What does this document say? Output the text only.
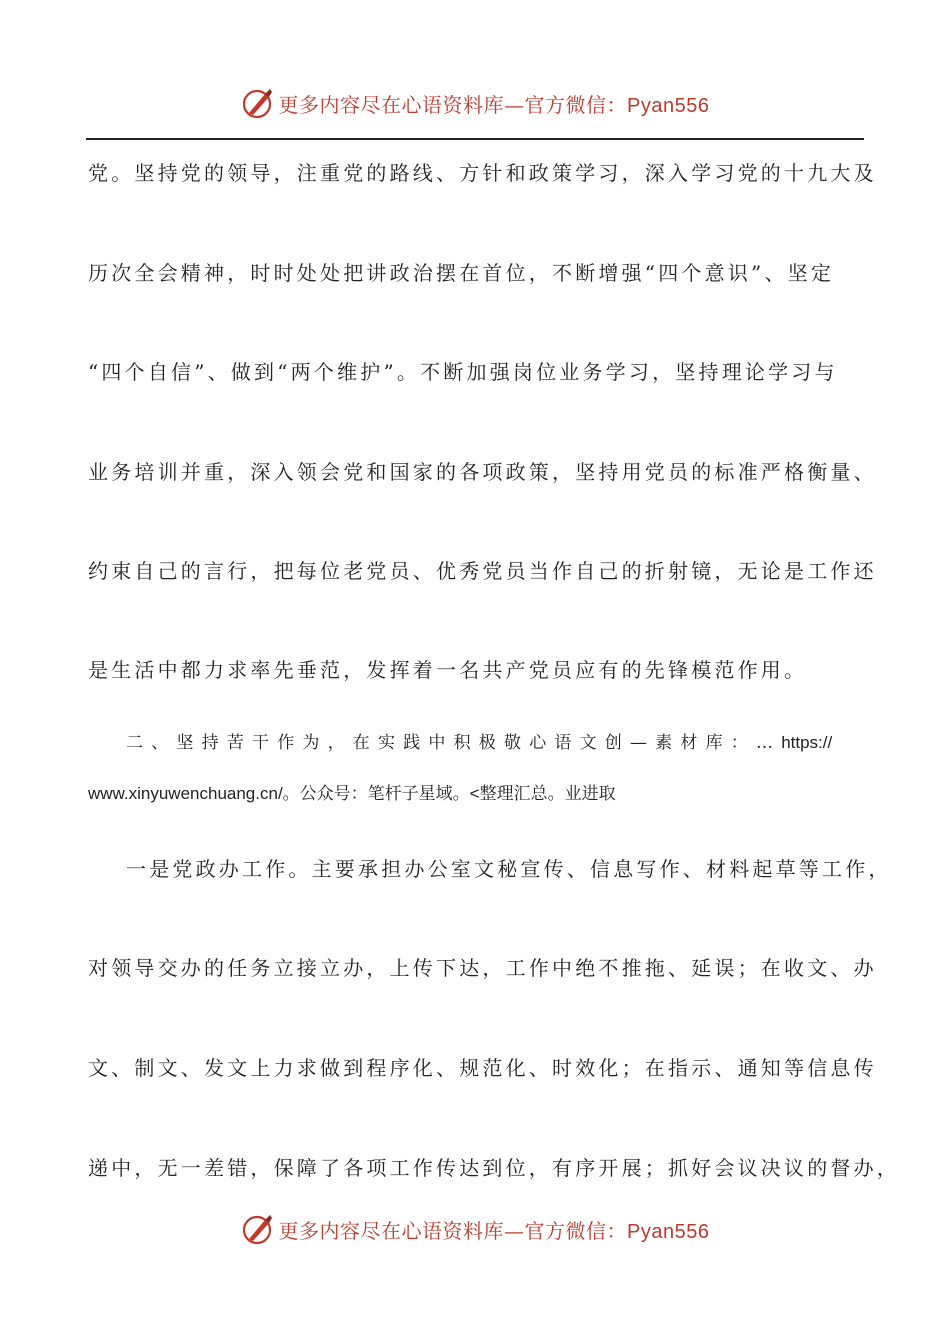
更多内容尽在心语资料库—官方微信：Pyan556
党。坚持党的领导，注重党的路线、方针和政策学习，深入学习党的十九大及
历次全会精神，时时处处把讲政治摆在首位，不断增强“四个意识”、坚定
“四个自信”、做到“两个维护”。不断加强岗位业务学习，坚持理论学习与
业务培训并重，深入领会党和国家的各项政策，坚持用党员的标准严格衡量、
约束自己的言行，把每位老党员、优秀党员当作自己的折射镜，无论是工作还
是生活中都力求率先垂范，发挥着一名共产党员应有的先锋模范作用。
二、坚持苦干作为，在实践中积极敬心语文创—素材库：…https://
www.xinyuwenchuang.cn/。公众号：笔杆子星域。<整理汇总。业进取
一是党政办工作。主要承担办公室文秘宣传、信息写作、材料起草等工作，
对领导交办的任务立接立办，上传下达，工作中绝不推拖、延误；在收文、办
文、制文、发文上力求做到程序化、规范化、时效化；在指示、通知等信息传
递中，无一差错，保障了各项工作传达到位，有序开展；抓好会议决议的督办，
更多内容尽在心语资料库—官方微信：Pyan556
